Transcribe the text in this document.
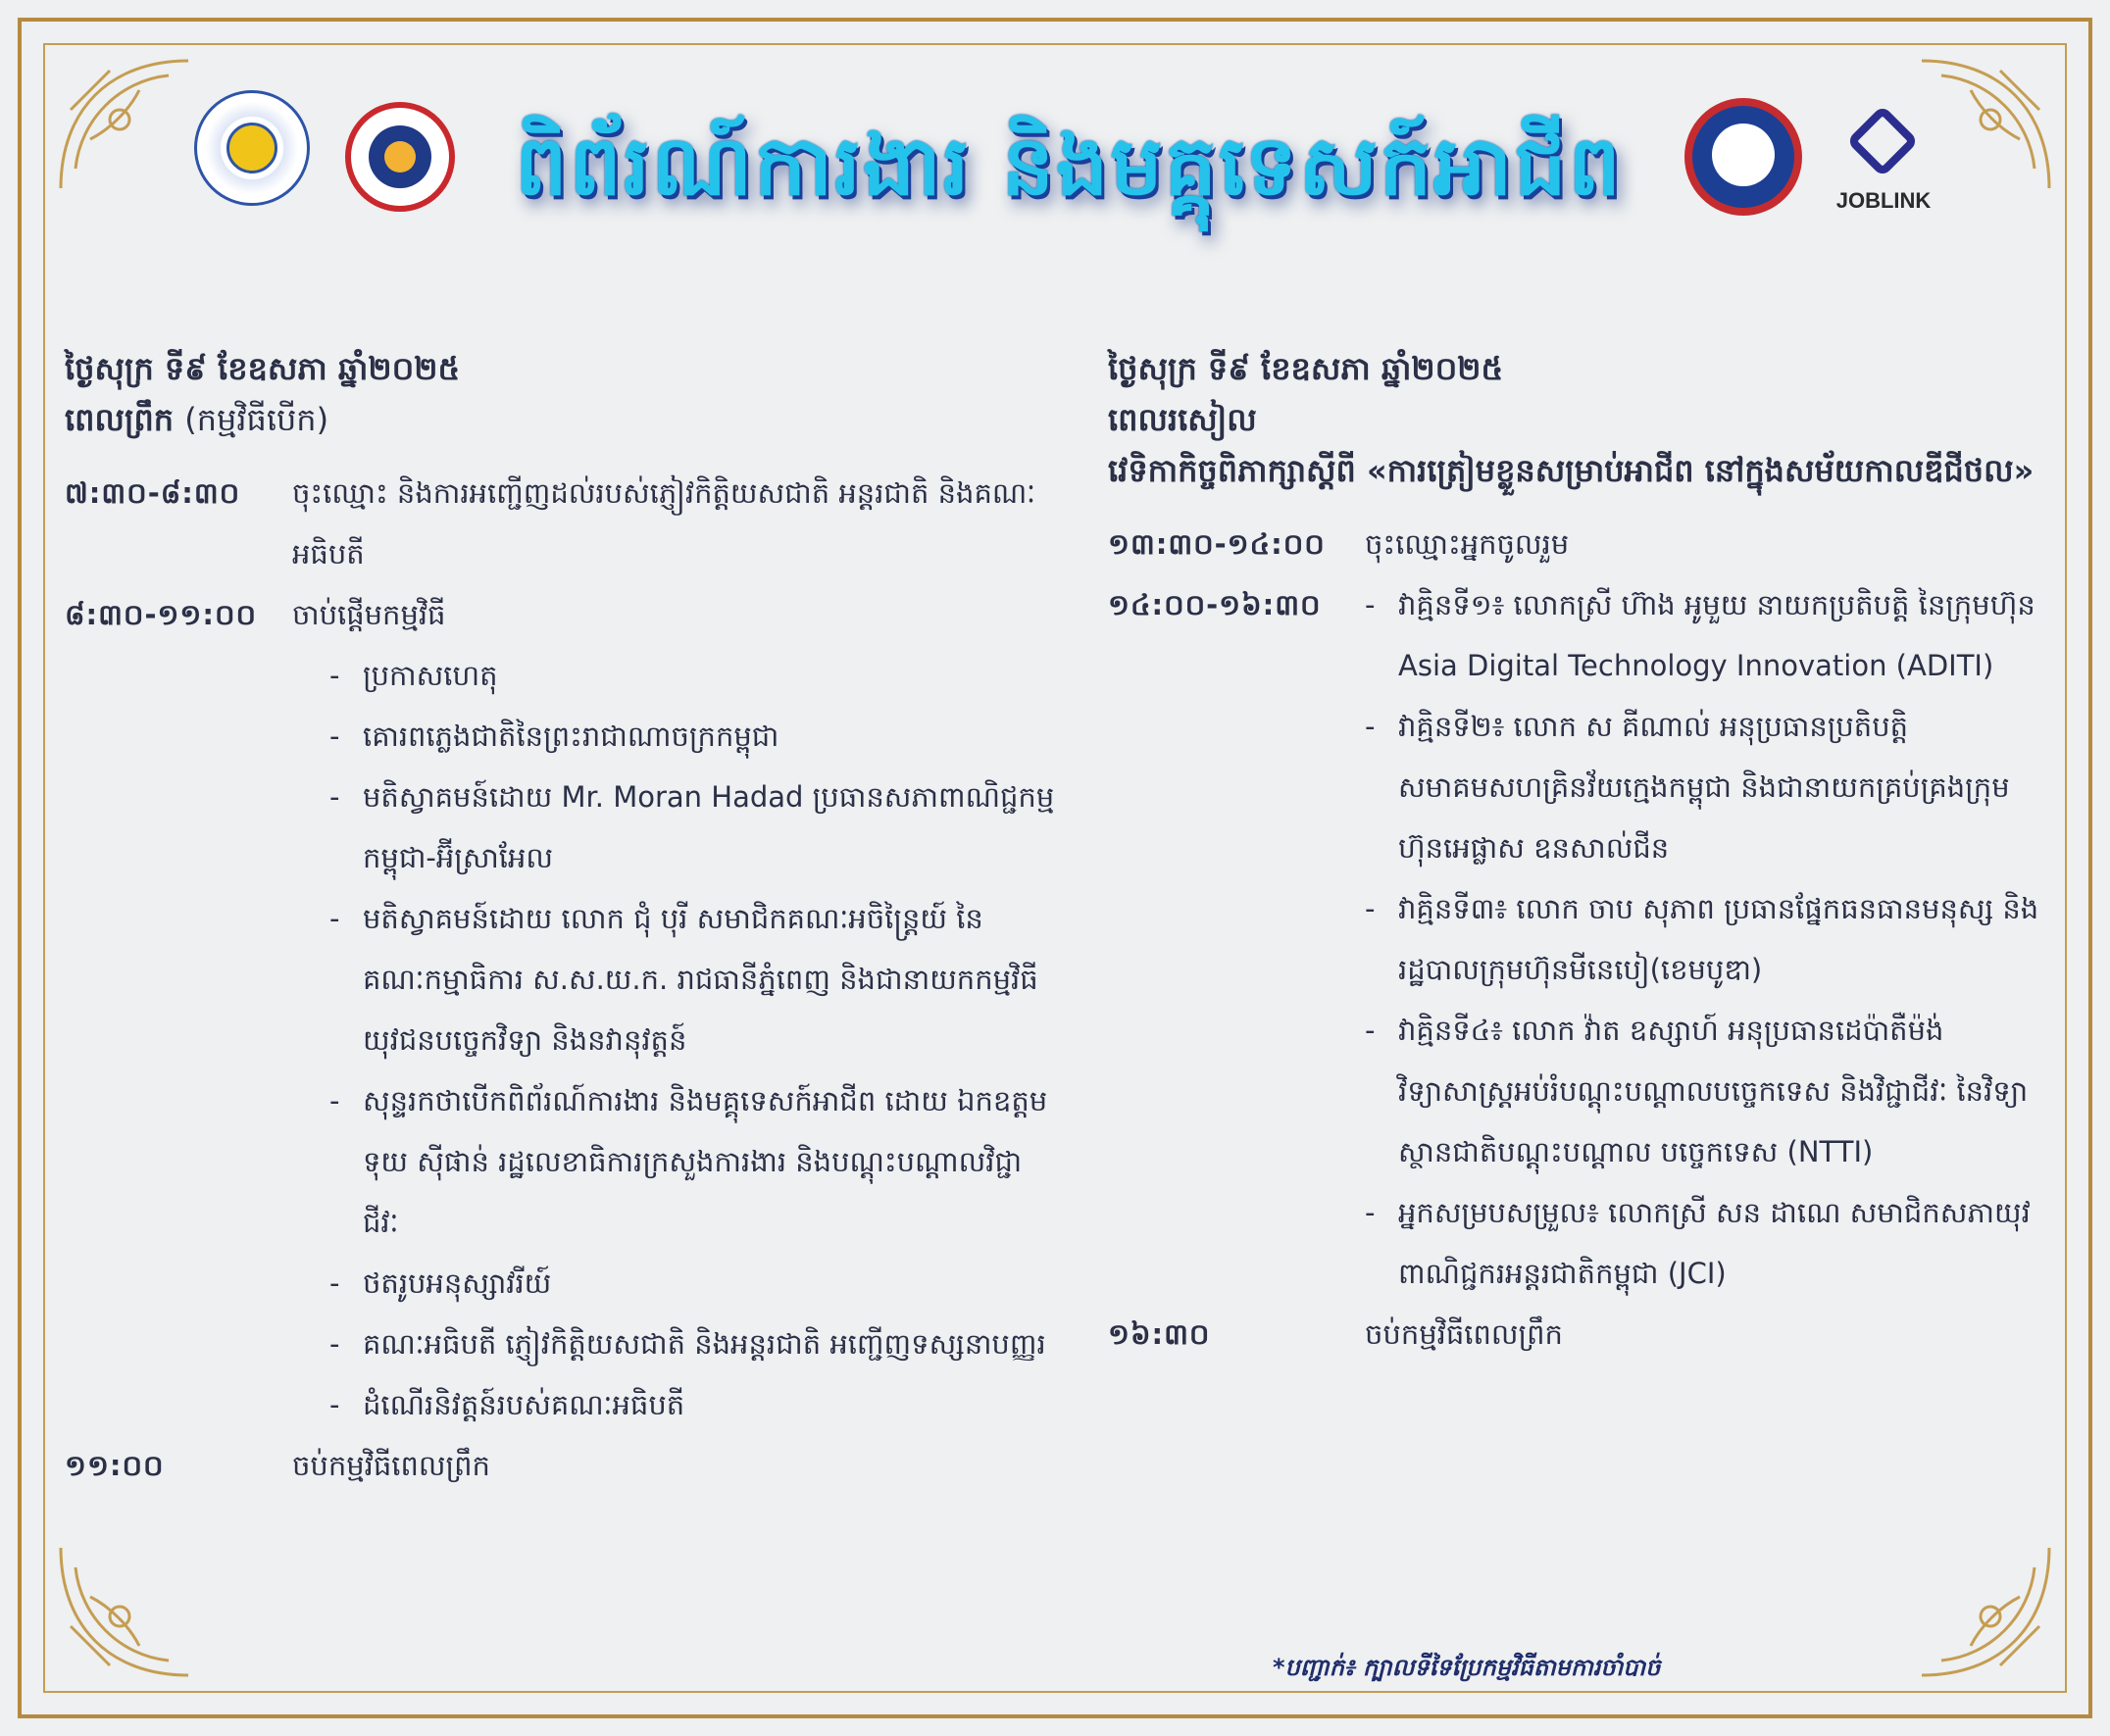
JOBLINK
ពិព័រណ៍ការងារ និងមគ្គុទេសក៍អាជីព
ថ្ងៃសុក្រ ទី៩ ខែឧសភា ឆ្នាំ២០២៥
ពេលព្រឹក (កម្មវិធីបើក)
៧:៣០-៨:៣០	ចុះឈ្មោះ និងការអញ្ជើញដល់របស់ភ្ញៀវកិត្តិយសជាតិ អន្តរជាតិ និងគណៈអធិបតី
៨:៣០-១១:០០	ចាប់ផ្ដើមកម្មវិធី
- ប្រកាសហេតុ
- គោរពភ្លេងជាតិនៃព្រះរាជាណាចក្រកម្ពុជា
- មតិស្វាគមន៍ដោយ Mr. Moran Hadad ប្រធានសភាពាណិជ្ជកម្មកម្ពុជា-អ៊ីស្រាអែល
- មតិស្វាគមន៍ដោយ លោក ជុំ បុរី សមាជិកគណៈអចិន្ត្រៃយ៍ នៃគណៈកម្មាធិការ ស.ស.យ.ក. រាជធានីភ្នំពេញ និងជានាយកកម្មវិធីយុវជនបច្ចេកវិទ្យា និងនវានុវត្តន៍
- សុន្ទរកថាបើកពិព័រណ៍ការងារ និងមគ្គុទេសក៍អាជីព ដោយ ឯកឧត្តម ទុយ ស៊ីផាន់ រដ្ឋលេខាធិការក្រសួងការងារ និងបណ្តុះបណ្តាលវិជ្ជាជីវៈ
- ថតរូបអនុស្សាវរីយ៍
- គណៈអធិបតី ភ្ញៀវកិត្តិយសជាតិ និងអន្តរជាតិ អញ្ជើញទស្សនាបញ្ញរ
- ដំណើរនិវត្តន៍របស់គណៈអធិបតី
១១:០០	ចប់កម្មវិធីពេលព្រឹក
ថ្ងៃសុក្រ ទី៩ ខែឧសភា ឆ្នាំ២០២៥
ពេលរសៀល
វេទិកាកិច្ចពិភាក្សាស្ដីពី «ការត្រៀមខ្លួនសម្រាប់អាជីព នៅក្នុងសម័យកាលឌីជីថល»
១៣:៣០-១៤:០០	ចុះឈ្មោះអ្នកចូលរួម
១៤:០០-១៦:៣០
-	វាគ្មិនទី១៖ លោកស្រី ហ៊ាង អូមួយ នាយកប្រតិបត្តិ នៃក្រុមហ៊ុន Asia Digital Technology Innovation (ADITI)
- វាគ្មិនទី២៖ លោក ស គីណាល់ អនុប្រធានប្រតិបត្តិ សមាគមសហគ្រិនវ័យក្មេងកម្ពុជា និងជានាយកគ្រប់គ្រងក្រុមហ៊ុនអេផ្លាស ឧនសាល់ជីន
- វាគ្មិនទី៣៖ លោក ចាប សុភាព ប្រធានផ្នែកធនធានមនុស្ស និងរដ្ឋបាលក្រុមហ៊ុនមីនេបៀ(ខេមបូឌា)
- វាគ្មិនទី៤៖ លោក វ៉ាត ឧស្សាហ៍ អនុប្រធានដេប៉ាតឺម៉ង់វិទ្យាសាស្ត្រអប់រំបណ្តុះបណ្តាលបច្ចេកទេស និងវិជ្ជាជីវៈ នៃវិទ្យាស្ថានជាតិបណ្តុះបណ្តាល បច្ចេកទេស (NTTI)
- អ្នកសម្របសម្រួល៖ លោកស្រី សន ដាណេ សមាជិកសភាយុវពាណិជ្ជករអន្តរជាតិកម្ពុជា (JCI)
១៦:៣០	ចប់កម្មវិធីពេលព្រឹក
*បញ្ជាក់៖ ក្បាលទីទៃប្រែកម្មវិធីតាមការចាំបាច់
